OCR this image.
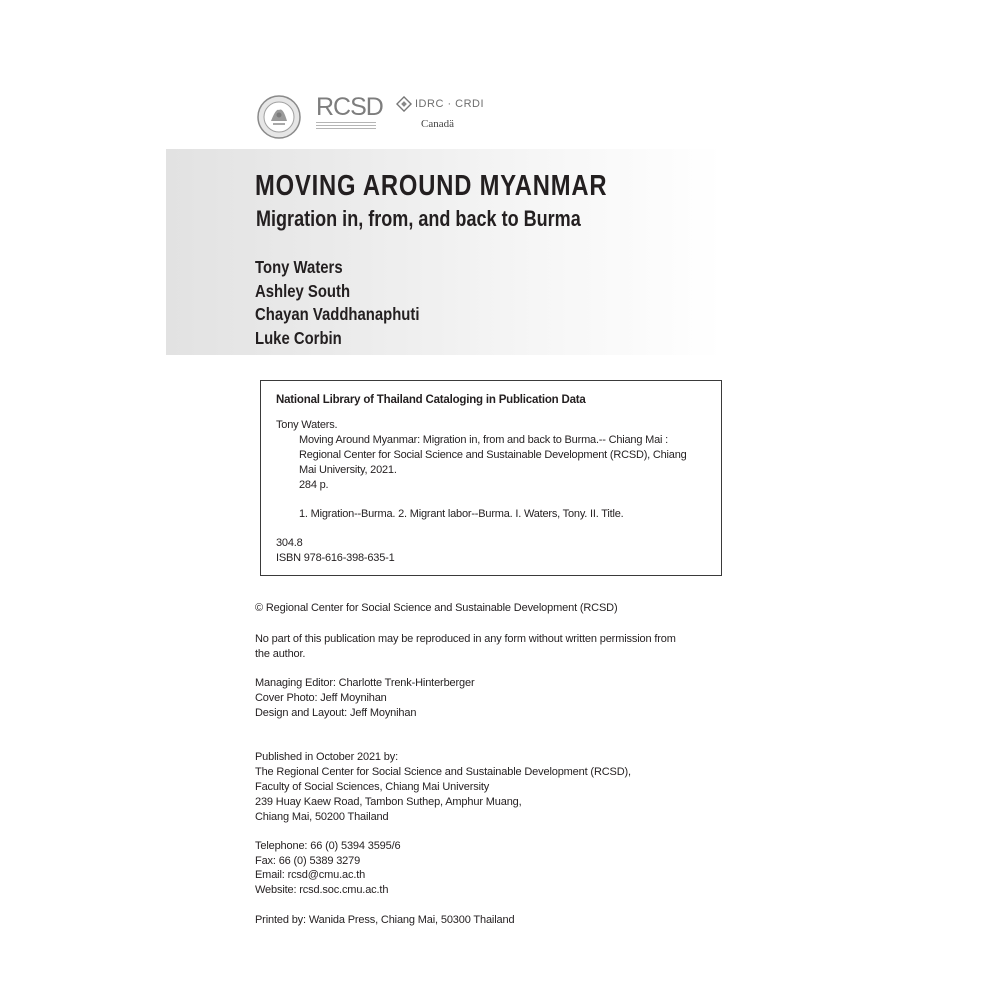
RCSD	IDRC · CRDI
Canadä
MOVING AROUND MYANMAR
Migration in, from, and back to Burma
Tony Waters
Ashley South
Chayan Vaddhanaphuti
Luke Corbin
National Library of Thailand Cataloging in Publication Data
Tony Waters.
Moving Around Myanmar: Migration in, from and back to Burma.-- Chiang Mai :
Regional Center for Social Science and Sustainable Development (RCSD), Chiang
Mai University, 2021.
284 p.
1. Migration--Burma. 2. Migrant labor--Burma. I. Waters, Tony. II. Title.
304.8
ISBN 978-616-398-635-1
© Regional Center for Social Science and Sustainable Development (RCSD)
No part of this publication may be reproduced in any form without written permission from
the author.
Managing Editor: Charlotte Trenk-Hinterberger
Cover Photo: Jeff Moynihan
Design and Layout: Jeff Moynihan
Published in October 2021 by:
The Regional Center for Social Science and Sustainable Development (RCSD),
Faculty of Social Sciences, Chiang Mai University
239 Huay Kaew Road, Tambon Suthep, Amphur Muang,
Chiang Mai, 50200 Thailand
Telephone: 66 (0) 5394 3595/6
Fax: 66 (0) 5389 3279
Email: rcsd@cmu.ac.th
Website: rcsd.soc.cmu.ac.th
Printed by: Wanida Press, Chiang Mai, 50300 Thailand
